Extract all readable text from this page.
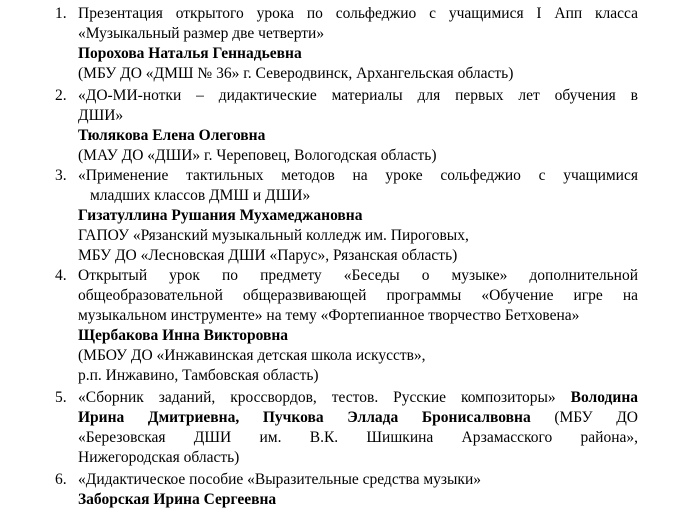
1. Презентация открытого урока по сольфеджио с учащимися I Апп класса
«Музыкальный размер две четверти»
Порохова Наталья Геннадьевна
(МБУ ДО «ДМШ № 36» г. Северодвинск, Архангельская область)
2. «ДО-МИ-нотки – дидактические материалы для первых лет обучения в
ДШИ»
Тюлякова Елена Олеговна
(МАУ ДО «ДШИ» г. Череповец, Вологодская область)
3. «Применение тактильных методов на уроке сольфеджио с учащимися
младших классов ДМШ и ДШИ»
Гизатуллина Рушания Мухамеджановна
ГАПОУ «Рязанский музыкальный колледж им. Пироговых,
МБУ ДО «Лесновская ДШИ «Парус», Рязанская область)
4. Открытый урок по предмету «Беседы о музыке» дополнительной
общеобразовательной общеразвивающей программы «Обучение игре на
музыкальном инструменте» на тему «Фортепианное творчество Бетховена»
Щербакова Инна Викторовна
(МБОУ ДО «Инжавинская детская школа искусств»,
р.п. Инжавино, Тамбовская область)
5. «Сборник заданий, кроссвордов, тестов. Русские композиторы» Володина
Ирина Дмитриевна, Пучкова Эллада Бронисалвовна (МБУ ДО
«Березовская ДШИ им. В.К. Шишкина Арзамасского района»,
Нижегородская область)
6. «Дидактическое пособие «Выразительные средства музыки»
Заборская Ирина Сергеевна
